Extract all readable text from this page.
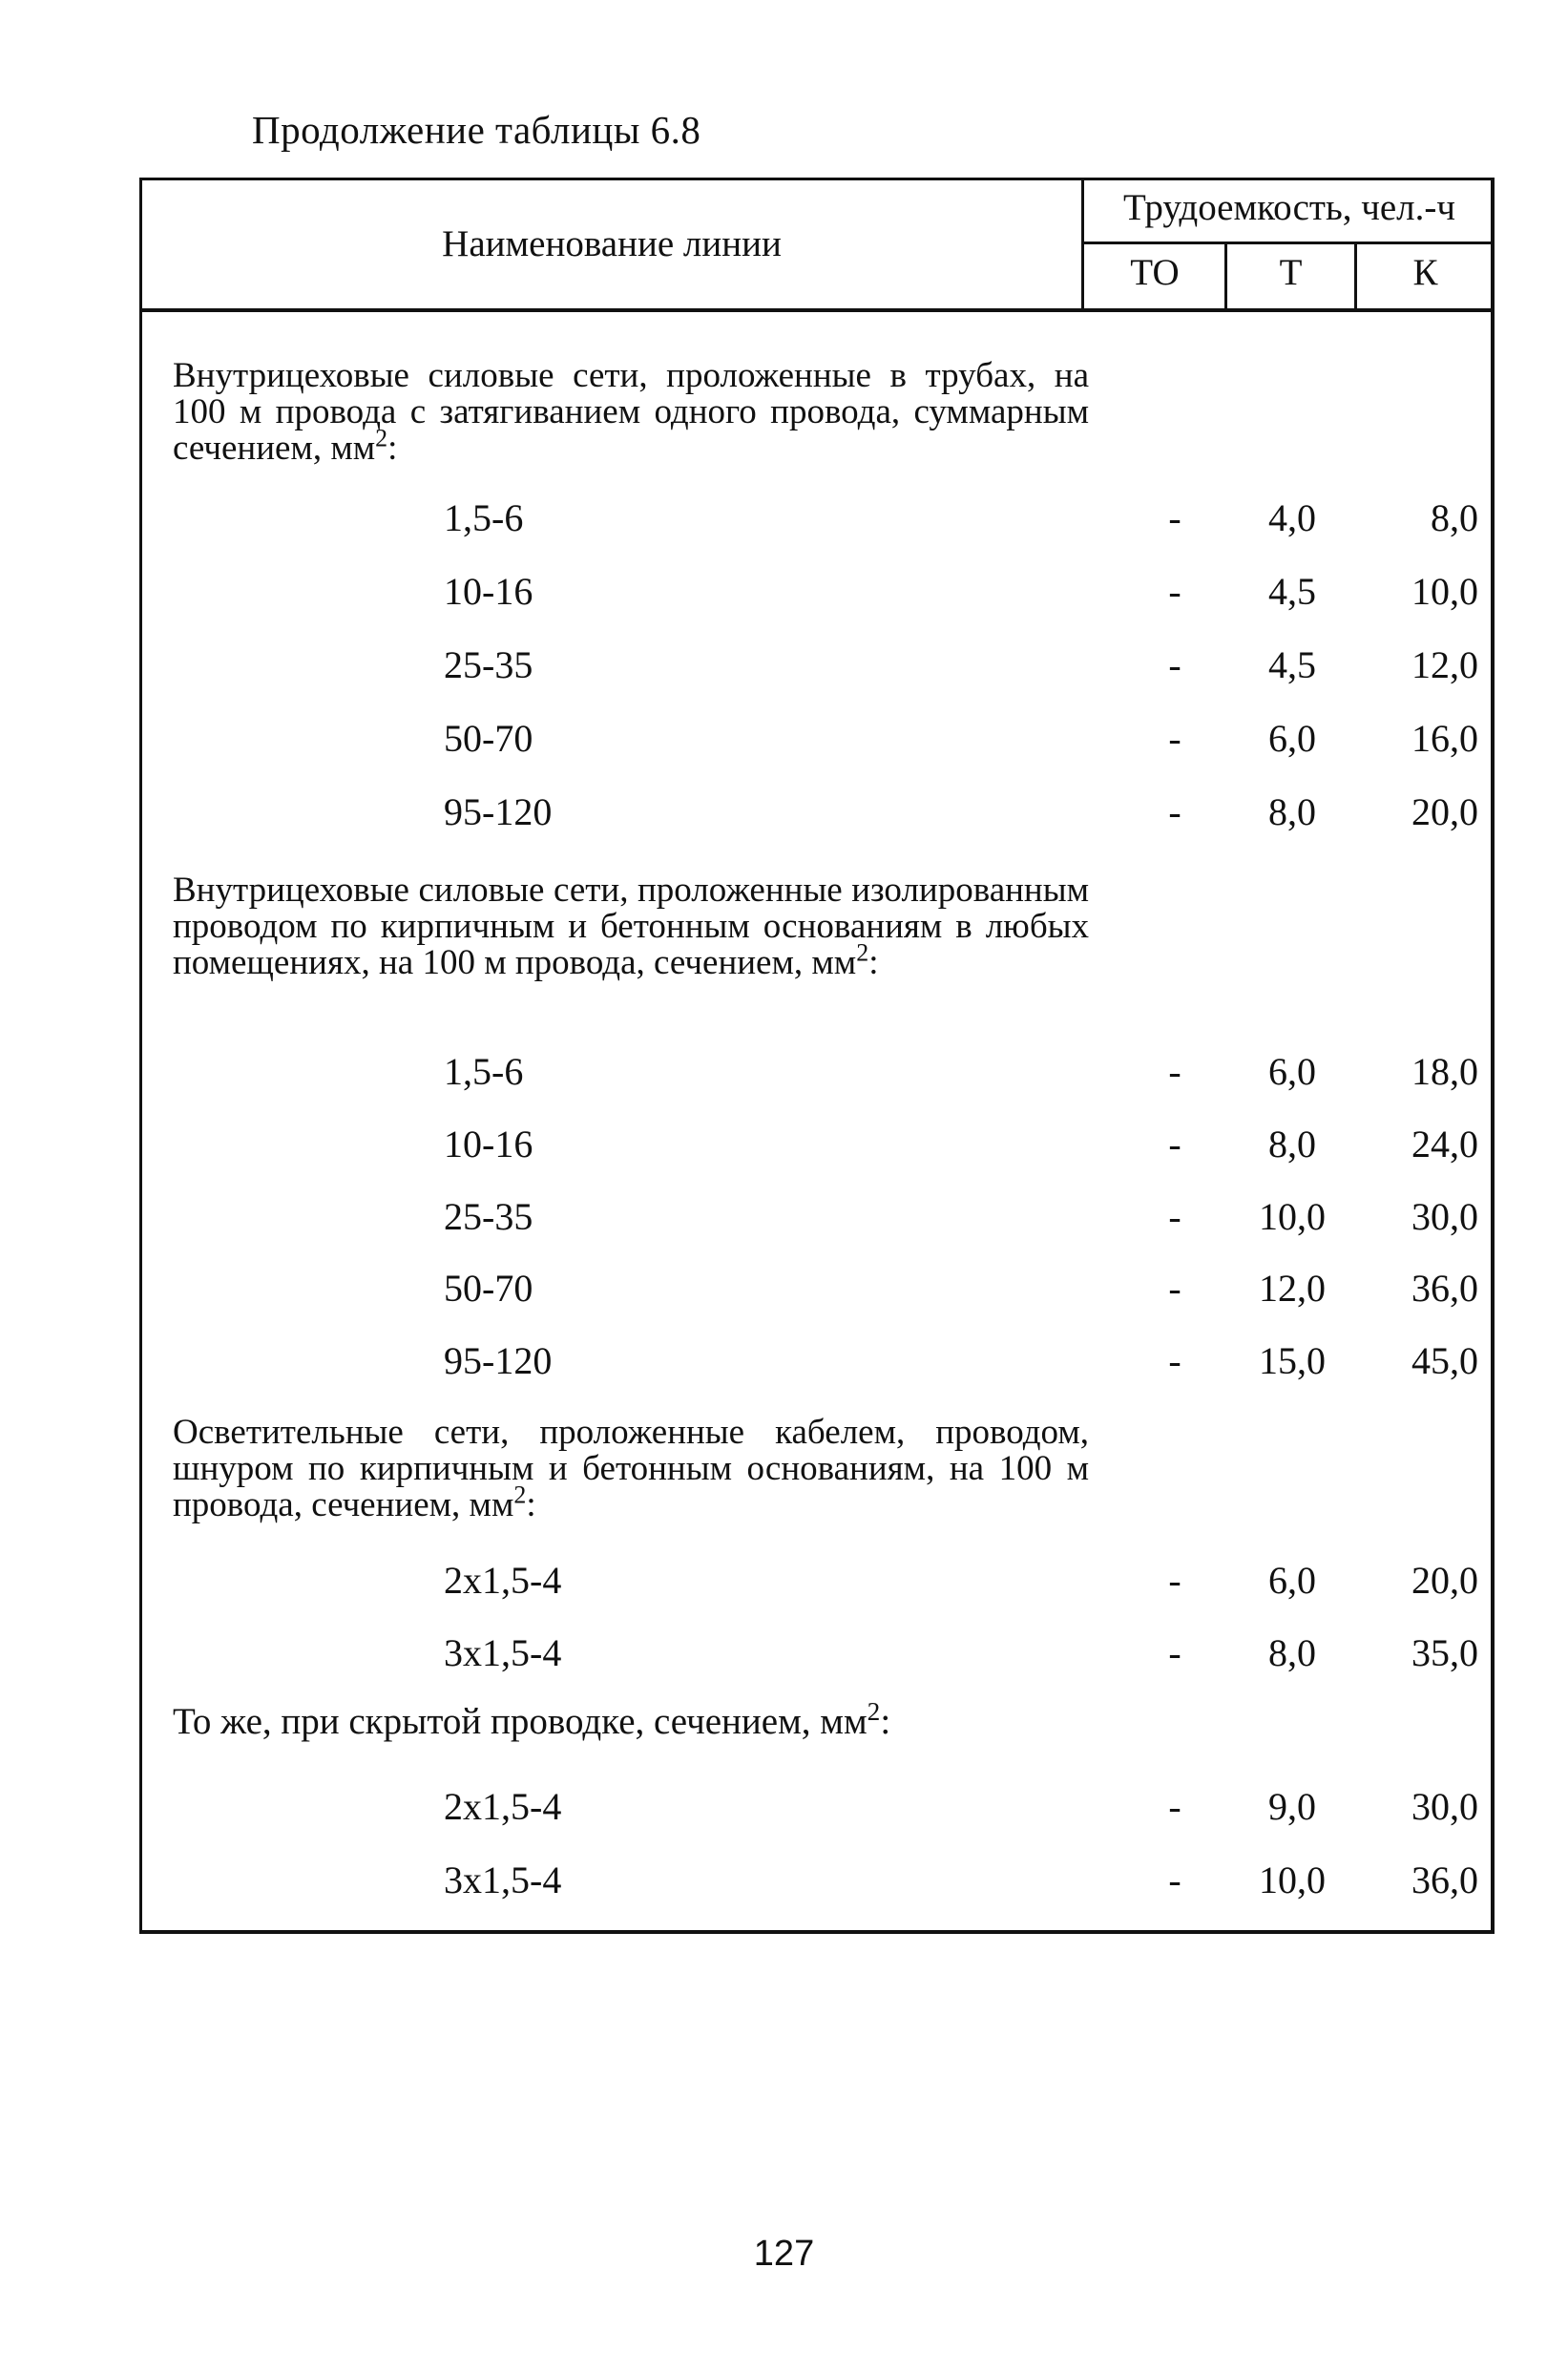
Продолжение таблицы 6.8
Наименование линии
Трудоемкость, чел.-ч
ТО	Т	К
Внутрицеховые силовые сети, проложенные в трубах, на 100 м провода с затягиванием одного провода, суммарным сечением, $мм^2$:
1,5-6	-	4,0	8,0
10-16	-	4,5	10,0
25-35	-	4,5	12,0
50-70	-	6,0	16,0
95-120	-	8,0	20,0
Внутрицеховые силовые сети, проложенные изолированным проводом по кирпичным и бетонным основаниям в любых помещениях, на 100 м провода, сечением, $мм^2$:
1,5-6	-	6,0	18,0
10-16	-	8,0	24,0
25-35	-	10,0	30,0
50-70	-	12,0	36,0
95-120	-	15,0	45,0
Осветительные сети, проложенные кабелем, проводом, шнуром по кирпичным и бетонным основаниям, на 100 м провода, сечением, $мм^2$:
2x1,5-4	-	6,0	20,0
3x1,5-4	-	8,0	35,0
То же, при скрытой проводке, сечением, $мм^2$:
2x1,5-4	-	9,0	30,0
3x1,5-4	-	10,0	36,0
127
